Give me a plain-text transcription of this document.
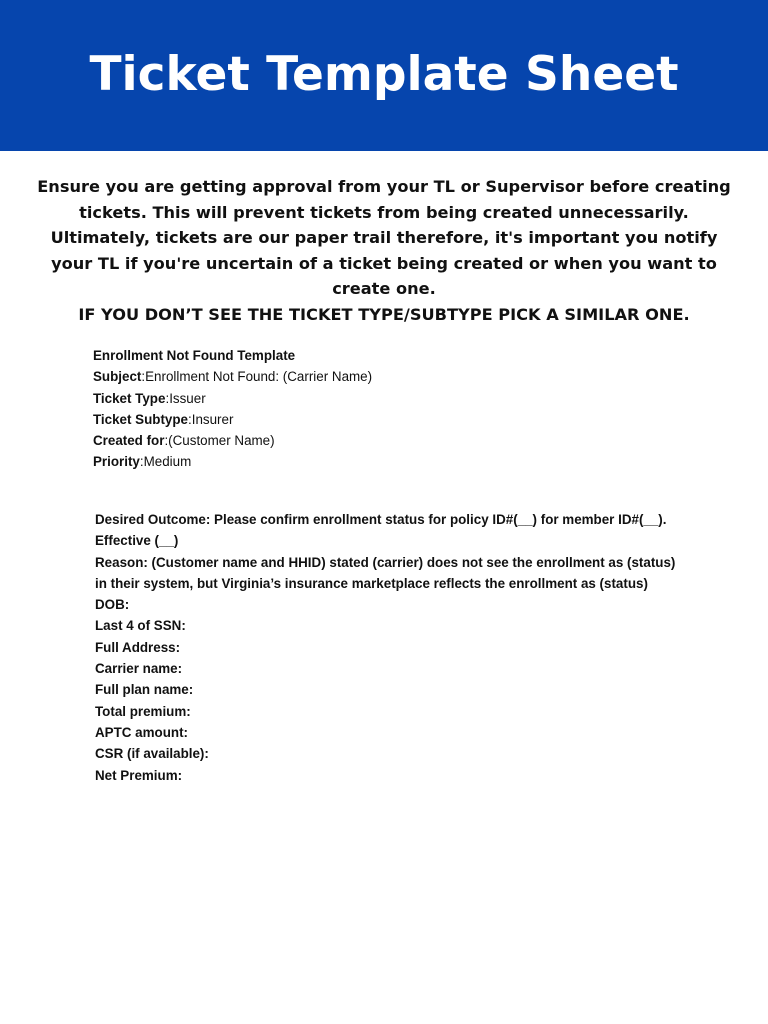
Ticket Template Sheet

Ensure you are getting approval from your TL or Supervisor before creating tickets. This will prevent tickets from being created unnecessarily. Ultimately, tickets are our paper trail therefore, it's important you notify your TL if you're uncertain of a ticket being created or when you want to create one.

IF YOU DON’T SEE THE TICKET TYPE/SUBTYPE PICK A SIMILAR ONE.

Enrollment Not Found Template
Subject:Enrollment Not Found: (Carrier Name)
Ticket Type:Issuer
Ticket Subtype:Insurer
Created for:(Customer Name)
Priority:Medium
Desired Outcome: Please confirm enrollment status for policy ID#(__) for member ID#(__).
Effective (__)
Reason: (Customer name and HHID) stated (carrier) does not see the enrollment as (status)
in their system, but Virginia’s insurance marketplace reflects the enrollment as (status)
DOB:
Last 4 of SSN:
Full Address:
Carrier name:
Full plan name:
Total premium:
APTC amount:
CSR (if available):
Net Premium:
